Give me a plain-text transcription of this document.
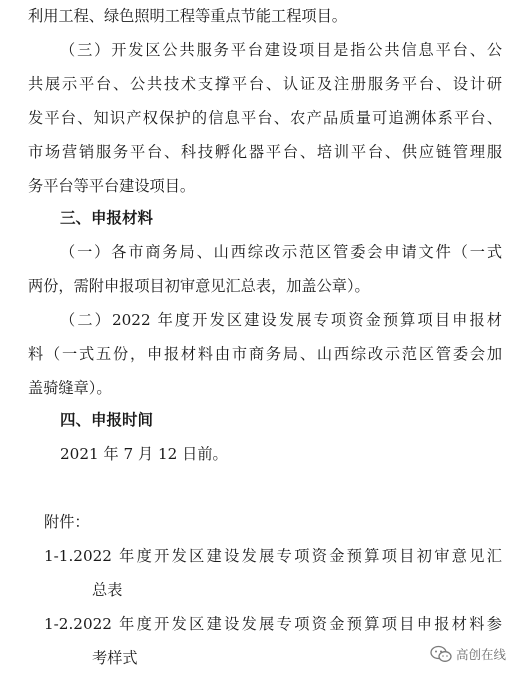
利用工程、绿色照明工程等重点节能工程项目。
（三）开发区公共服务平台建设项目是指公共信息平台、公
共展示平台、公共技术支撑平台、认证及注册服务平台、设计研
发平台、知识产权保护的信息平台、农产品质量可追溯体系平台、
市场营销服务平台、科技孵化器平台、培训平台、供应链管理服
务平台等平台建设项目。
三、申报材料
（一）各市商务局、山西综改示范区管委会申请文件（一式
两份，需附申报项目初审意见汇总表，加盖公章）。
（二）2022 年度开发区建设发展专项资金预算项目申报材
料（一式五份，申报材料由市商务局、山西综改示范区管委会加
盖骑缝章）。
四、申报时间
2021 年 7 月 12 日前。
附件：
1-1.2022 年度开发区建设发展专项资金预算项目初审意见汇
总表
1-2.2022 年度开发区建设发展专项资金预算项目申报材料参
考样式	高创在线
